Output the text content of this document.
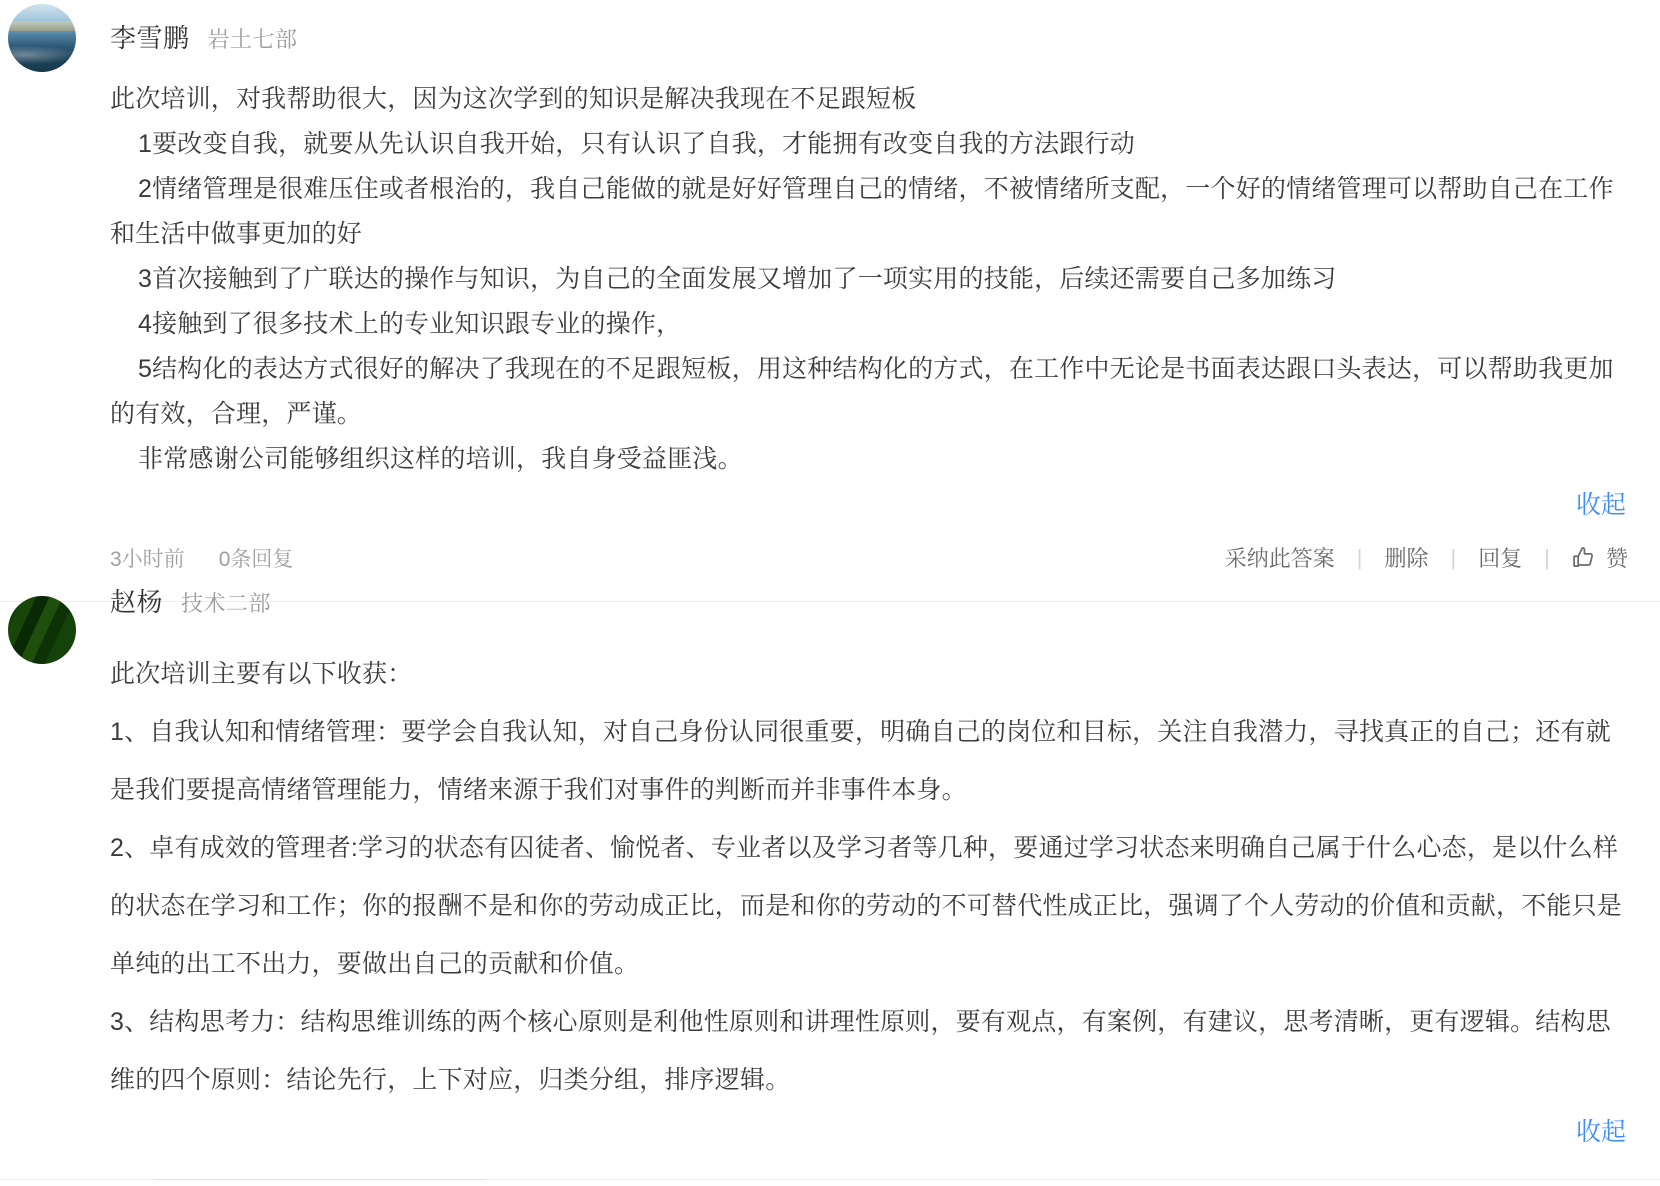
李雪鹏 岩土七部

此次培训，对我帮助很大，因为这次学到的知识是解决我现在不足跟短板

1要改变自我，就要从先认识自我开始，只有认识了自我，才能拥有改变自我的方法跟行动

2情绪管理是很难压住或者根治的，我自己能做的就是好好管理自己的情绪，不被情绪所支配，一个好的情绪管理可以帮助自己在工作和生活中做事更加的好

3首次接触到了广联达的操作与知识，为自己的全面发展又增加了一项实用的技能，后续还需要自己多加练习

4接触到了很多技术上的专业知识跟专业的操作，

5结构化的表达方式很好的解决了我现在的不足跟短板，用这种结构化的方式，在工作中无论是书面表达跟口头表达，可以帮助我更加的有效，合理，严谨。

非常感谢公司能够组织这样的培训，我自身受益匪浅。

收起
3小时前 0条回复	采纳此答案	|	删除	|	回复	|	赞
赵杨 技术二部

此次培训主要有以下收获：

1、自我认知和情绪管理：要学会自我认知，对自己身份认同很重要，明确自己的岗位和目标，关注自我潜力，寻找真正的自己；还有就是我们要提高情绪管理能力，情绪来源于我们对事件的判断而并非事件本身。

2、卓有成效的管理者:学习的状态有囚徒者、愉悦者、专业者以及学习者等几种，要通过学习状态来明确自己属于什么心态，是以什么样的状态在学习和工作；你的报酬不是和你的劳动成正比，而是和你的劳动的不可替代性成正比，强调了个人劳动的价值和贡献，不能只是单纯的出工不出力，要做出自己的贡献和价值。

3、结构思考力：结构思维训练的两个核心原则是利他性原则和讲理性原则，要有观点，有案例，有建议，思考清晰，更有逻辑。结构思维的四个原则：结论先行，上下对应，归类分组，排序逻辑。

收起
